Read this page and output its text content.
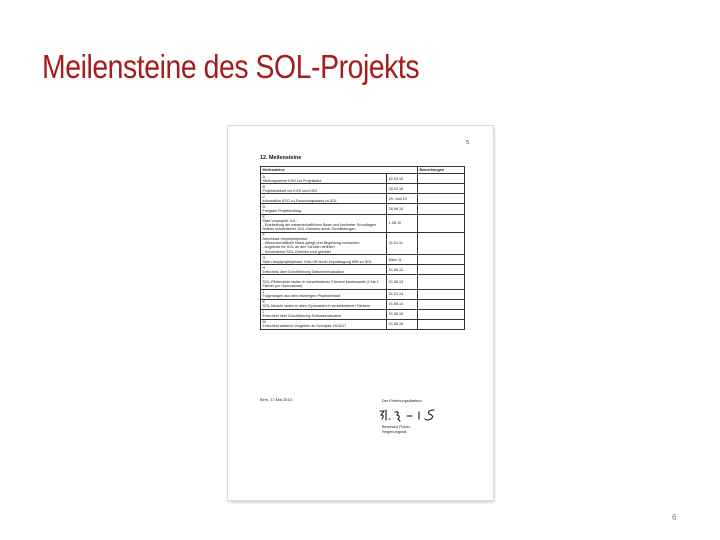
Meilensteine des SOL-Projekts
5
12. Meilensteine
Meilensteine		Bemerkungen

A
Stellungnahme KSG zur Projektidee	02.03.10	

B
Projektentwurf vor KGH und KSG	30.03.10	

C
Information KSG zu Forschungsstand zu SOL	29. Juni 10	

D
Freigabe Projektauftrag	30.06.10	

E
Start Vorprojekt, d.h.:
- Erarbeitung der wissenschaftlichen Basis und konkreter Grundlagen
Aufbau schulinterner SOL-Gremien durch Schulleitungen	1.08.10	

F
Abschluss Vorprojektphase:
- Wissenschaftliche Basis gelegt und Begleitung vorhanden
- Angebote für SOL an den Schulen definiert
- Schulinterne SOL-Gremien sind gebildet	31.01.11	

G
Start Hauptprojektphase: Kick-Off durch Impulstagung WIB zu SOL	März 11	

H
Entscheid über Durchführung Zwischenevaluation	01.08.12	

I
SOL-Pilotmodule laufen in verschiedenen Fächern kantonsweit (2 bis 4
Fächer pro Gymnasium)	01.08.13	

J
Folgerungen aus dem bisherigen Projektverlauf	31.01.14	

K
SOL-Module laufen in allen Gymnasien in verschiedenen Fächern	01.08.14	

L
Entscheid über Durchführung Schlussevaluation	01.08.15	

M
Entscheid weiteres Vorgehen ab Schuljahr 2016/17	01.08.16	
Bern, 17.Mai 2010	Der Erziehungsdirektor
Bernhard Pulver
Regierungsrat
6
